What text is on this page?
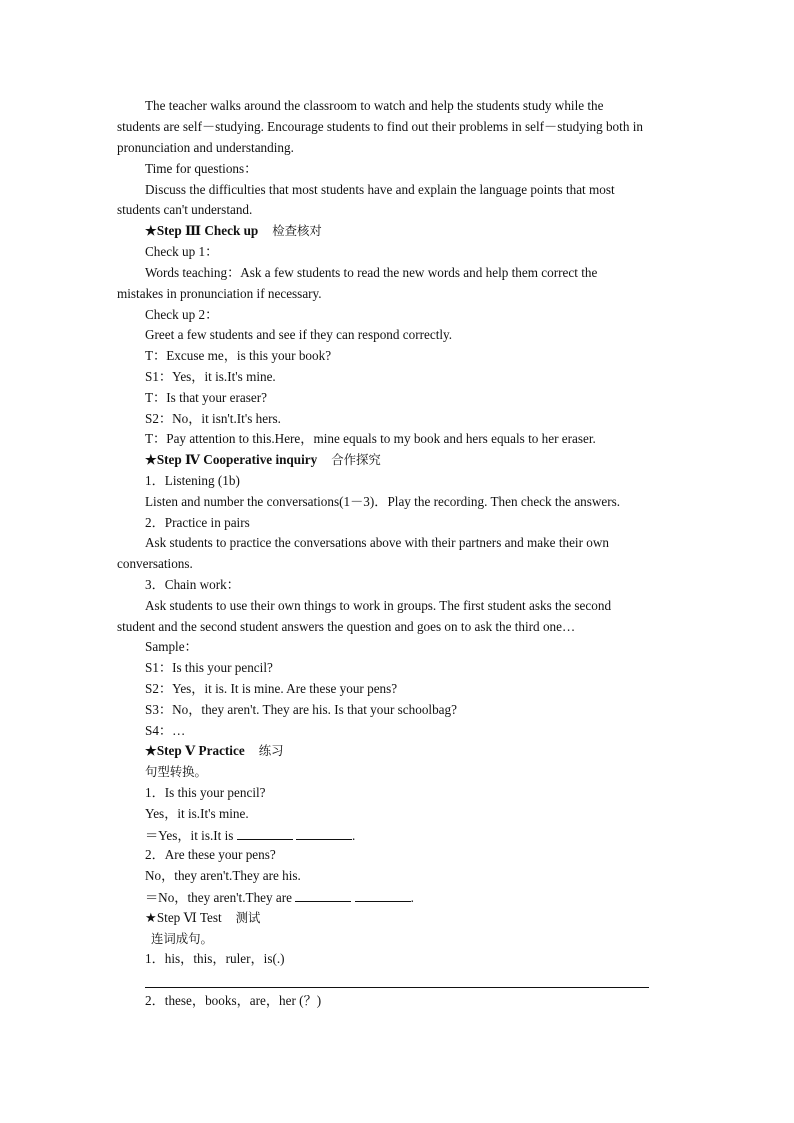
The teacher walks around the classroom to watch and help the students study while the
students are self－studying. Encourage students to find out their problems in self－studying both in
pronunciation and understanding.
Time for questions：
Discuss the difficulties that most students have and explain the language points that most
students can't understand.
★Step Ⅲ Check up 检查核对
Check up 1：
Words teaching：Ask a few students to read the new words and help them correct the
mistakes in pronunciation if necessary.
Check up 2：
Greet a few students and see if they can respond correctly.
T：Excuse me，is this your book?
S1：Yes，it is.It's mine.
T：Is that your eraser?
S2：No，it isn't.It's hers.
T：Pay attention to this.Here，mine equals to my book and hers equals to her eraser.
★Step Ⅳ Cooperative inquiry 合作探究
1．Listening (1b)
Listen and number the conversations(1－3)．Play the recording. Then check the answers.
2．Practice in pairs
Ask students to practice the conversations above with their partners and make their own
conversations.
3．Chain work：
Ask students to use their own things to work in groups. The first student asks the second
student and the second student answers the question and goes on to ask the third one…
Sample：
S1：Is this your pencil?
S2：Yes，it is. It is mine. Are these your pens?
S3：No，they aren't. They are his. Is that your schoolbag?
S4：…
★Step Ⅴ Practice 练习
句型转换。
1．Is this your pencil?
Yes，it is.It's mine.
＝Yes，it is.It is	.
2．Are these your pens?
No，they aren't.They are his.
＝No，they aren't.They are	.
★Step Ⅵ Test 测试
连词成句。
1．his，this，ruler，is(.)
2．these，books，are，her (？)
